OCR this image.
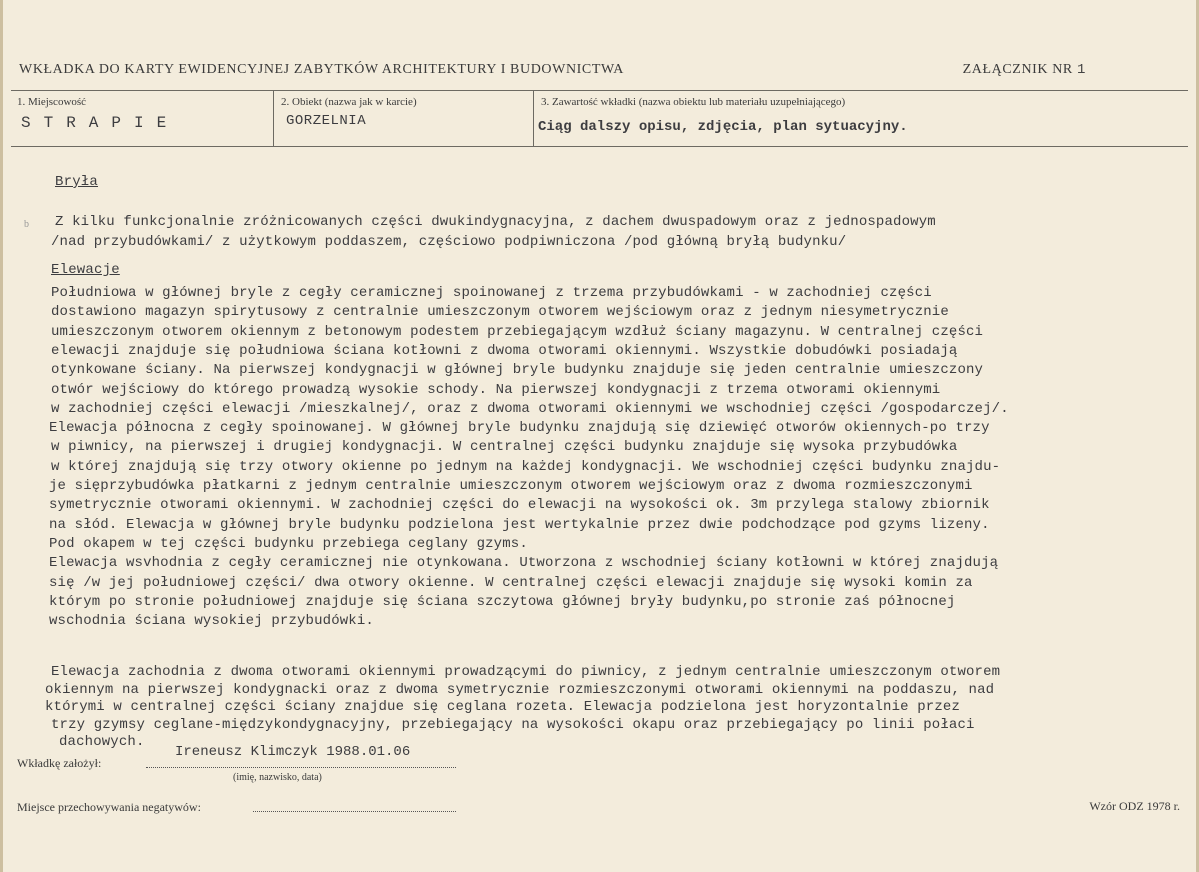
WKŁADKA DO KARTY EWIDENCYJNEJ ZABYTKÓW ARCHITEKTURY I BUDOWNICTWA	ZAŁĄCZNIK NR 1
1. Miejscowość
STRAPIE
2. Obiekt (nazwa jak w karcie)
GORZELNIA
3. Zawartość wkładki (nazwa obiektu lub materiału uzupełniającego)
Ciąg dalszy opisu, zdjęcia, plan sytuacyjny.
Bryła
b Z kilku funkcjonalnie zróżnicowanych części dwukindygnacyjna, z dachem dwuspadowym oraz z jednospadowym
/nad przybudówkami/ z użytkowym poddaszem, częściowo podpiwniczona /pod główną bryłą budynku/
Elewacje
Południowa w głównej bryle z cegły ceramicznej spoinowanej z trzema przybudówkami - w zachodniej części
dostawiono magazyn spirytusowy z centralnie umieszczonym otworem wejściowym oraz z jednym niesymetrycznie
umieszczonym otworem okiennym z betonowym podestem przebiegającym wzdłuż ściany magazynu. W centralnej części
elewacji znajduje się południowa ściana kotłowni z dwoma otworami okiennymi. Wszystkie dobudówki posiadają
otynkowane ściany. Na pierwszej kondygnacji w głównej bryle budynku znajduje się jeden centralnie umieszczony
otwór wejściowy do którego prowadzą wysokie schody. Na pierwszej kondygnacji z trzema otworami okiennymi
w zachodniej części elewacji /mieszkalnej/, oraz z dwoma otworami okiennymi we wschodniej części /gospodarczej/.
Elewacja północna z cegły spoinowanej. W głównej bryle budynku znajdują się dziewięć otworów okiennych-po trzy
w piwnicy, na pierwszej i drugiej kondygnacji. W centralnej części budynku znajduje się wysoka przybudówka
w której znajdują się trzy otwory okienne po jednym na każdej kondygnacji. We wschodniej części budynku znajdu-
je sięprzybudówka płatkarni z jednym centralnie umieszczonym otworem wejściowym oraz z dwoma rozmieszczonymi
symetrycznie otworami okiennymi. W zachodniej części do elewacji na wysokości ok. 3m przylega stalowy zbiornik
na słód. Elewacja w głównej bryle budynku podzielona jest wertykalnie przez dwie podchodzące pod gzyms lizeny.
Pod okapem w tej części budynku przebiega ceglany gzyms.
Elewacja wsvhodnia z cegły ceramicznej nie otynkowana. Utworzona z wschodniej ściany kotłowni w której znajdują
się /w jej południowej części/ dwa otwory okienne. W centralnej części elewacji znajduje się wysoki komin za
którym po stronie południowej znajduje się ściana szczytowa głównej bryły budynku,po stronie zaś północnej
wschodnia ściana wysokiej przybudówki.
Elewacja zachodnia z dwoma otworami okiennymi prowadzącymi do piwnicy, z jednym centralnie umieszczonym otworem
okiennym na pierwszej kondygnacki oraz z dwoma symetrycznie rozmieszczonymi otworami okiennymi na poddaszu, nad
którymi w centralnej części ściany znajdue się ceglana rozeta. Elewacja podzielona jest horyzontalnie przez
trzy gzymsy ceglane-międzykondygnacyjny, przebiegający na wysokości okapu oraz przebiegający po linii połaci
dachowych.
Wkładkę założył:
Ireneusz Klimczyk 1988.01.06
(imię, nazwisko, data)
Miejsce przechowywania negatywów:	Wzór ODZ 1978 r.
